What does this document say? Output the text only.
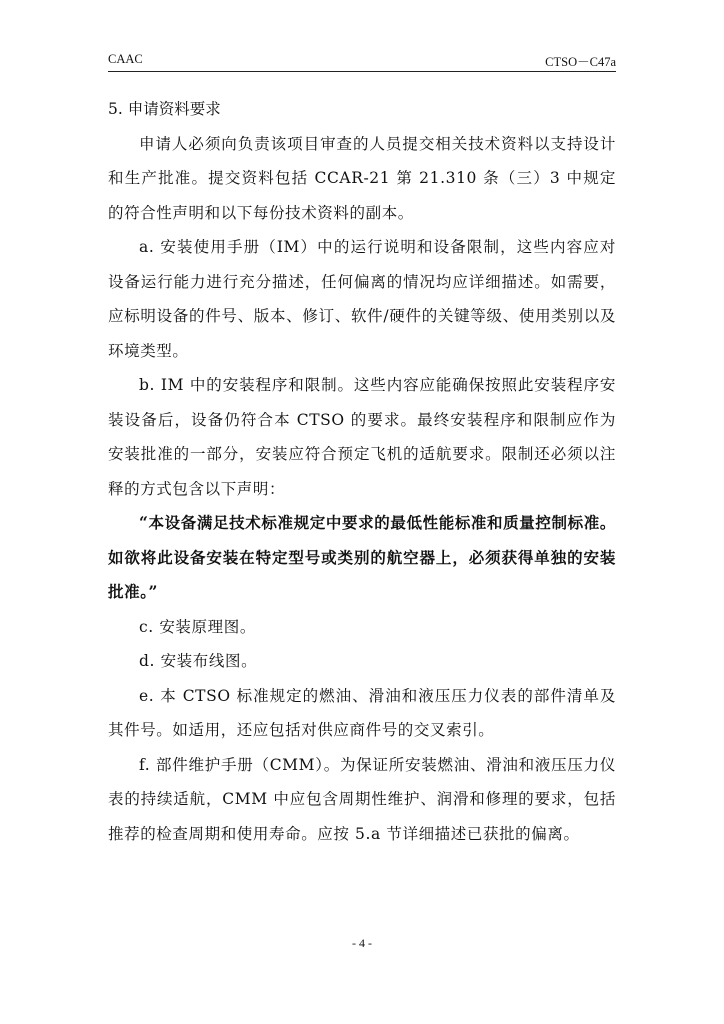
CAAC	CTSO－C47a

5. 申请资料要求

申请人必须向负责该项目审查的人员提交相关技术资料以支持设计和生产批准。提交资料包括 CCAR-21 第 21.310 条（三）3 中规定的符合性声明和以下每份技术资料的副本。

a. 安装使用手册（IM）中的运行说明和设备限制，这些内容应对设备运行能力进行充分描述，任何偏离的情况均应详细描述。如需要，应标明设备的件号、版本、修订、软件/硬件的关键等级、使用类别以及环境类型。

b. IM 中的安装程序和限制。这些内容应能确保按照此安装程序安装设备后，设备仍符合本 CTSO 的要求。最终安装程序和限制应作为安装批准的一部分，安装应符合预定飞机的适航要求。限制还必须以注释的方式包含以下声明：

“本设备满足技术标准规定中要求的最低性能标准和质量控制标准。如欲将此设备安装在特定型号或类别的航空器上，必须获得单独的安装批准。”

c. 安装原理图。

d. 安装布线图。

e. 本 CTSO 标准规定的燃油、滑油和液压压力仪表的部件清单及其件号。如适用，还应包括对供应商件号的交叉索引。

f. 部件维护手册（CMM）。为保证所安装燃油、滑油和液压压力仪表的持续适航，CMM 中应包含周期性维护、润滑和修理的要求，包括推荐的检查周期和使用寿命。应按 5.a 节详细描述已获批的偏离。

- 4 -
